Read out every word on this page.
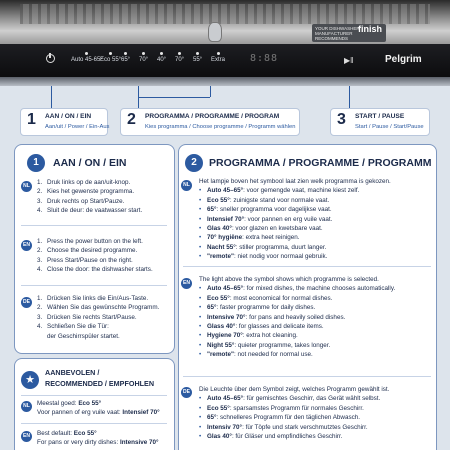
YOUR DISHWASHER MANUFACTURER RECOMMENDS
finish
Auto 45-65°
Eco 55° 65° 70° 40° 70° 55° Extra 8:88	▶‖	Pelgrim
1 AAN / ON / EIN
Aan/uit / Power / Ein-Aus 2 PROGRAMMA / PROGRAMME / PROGRAM
Kies programma / Choose programme / Programm wählen	3 START / PAUSE
Start / Pause / Start/Pause
1	AAN / ON / EIN
NL	1. Druk links op de aan/uit-knop.
2. Kies het gewenste programma.
3. Druk rechts op Start/Pauze.
4. Sluit de deur: de vaatwasser start.
EN	1. Press the power button on the left.
2. Choose the desired programme.
3. Press Start/Pause on the right.
4. Close the door: the dishwasher starts.
DE	1. Drücken Sie links die Ein/Aus-Taste.
2. Wählen Sie das gewünschte Programm.
3. Drücken Sie rechts Start/Pause.
4. Schließen Sie die Tür:
der Geschirrspüler startet.
★
AANBEVOLEN /
RECOMMENDED / EMPFOHLEN
NL	Meestal goed: Eco 55°
Voor pannen of erg vuile vaat: Intensief 70°
EN	Best default: Eco 55°
For pans or very dirty dishes: Intensive 70°
2	PROGRAMMA / PROGRAMME / PROGRAMM
NL	Het lampje boven het symbool laat zien welk programma is gekozen.
• Auto 45–65°: voor gemengde vaat, machine kiest zelf.
• Eco 55°: zuinigste stand voor normale vaat.
• 65°: sneller programma voor dagelijkse vaat.
• Intensief 70°: voor pannen en erg vuile vaat.
• Glas 40°: voor glazen en kwetsbare vaat.
• 70° hygiëne: extra heet reinigen.
• Nacht 55°: stiller programma, duurt langer.
• "remote": niet nodig voor normaal gebruik.
EN	The light above the symbol shows which programme is selected.
• Auto 45–65°: for mixed dishes, the machine chooses automatically.
• Eco 55°: most economical for normal dishes.
• 65°: faster programme for daily dishes.
• Intensive 70°: for pans and heavily soiled dishes.
• Glass 40°: for glasses and delicate items.
• Hygiene 70°: extra hot cleaning.
• Night 55°: quieter programme, takes longer.
• "remote": not needed for normal use.
DE	Die Leuchte über dem Symbol zeigt, welches Programm gewählt ist.
• Auto 45–65°: für gemischtes Geschirr, das Gerät wählt selbst.
• Eco 55°: sparsamstes Programm für normales Geschirr.
• 65°: schnelleres Programm für den täglichen Abwasch.
• Intensiv 70°: für Töpfe und stark verschmutztes Geschirr.
• Glas 40°: für Gläser und empfindliches Geschirr.
